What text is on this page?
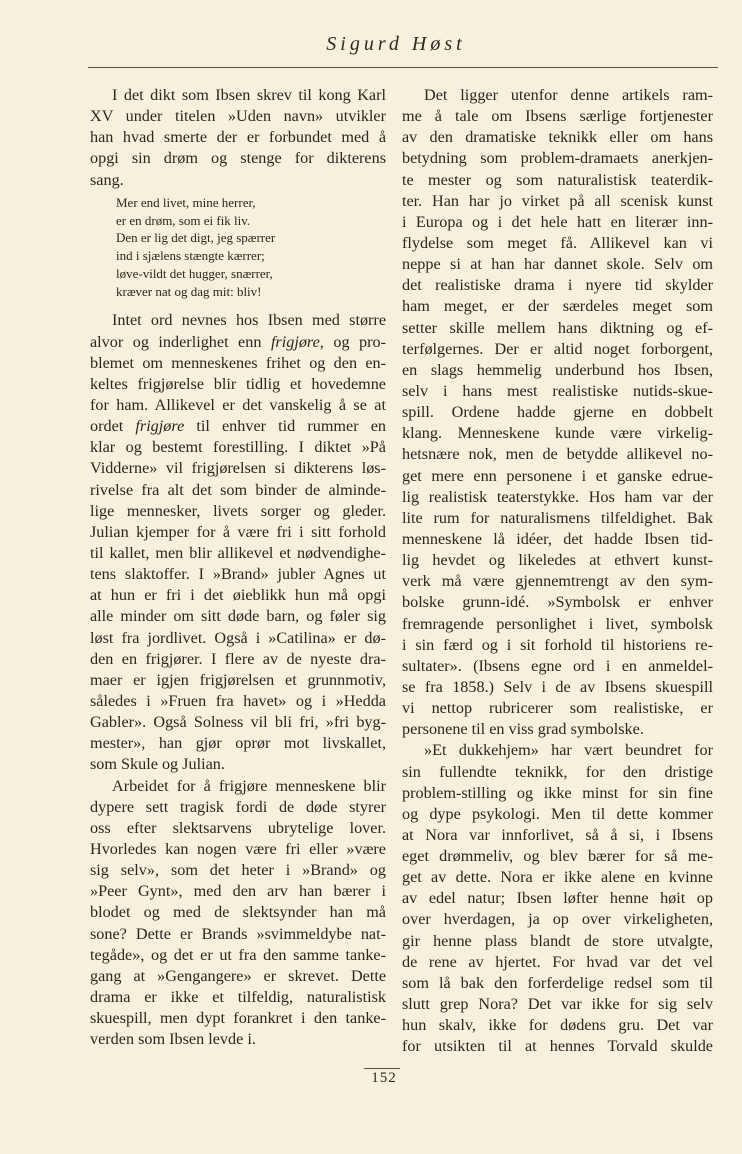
Sigurd Høst
I det dikt som Ibsen skrev til kong Karl
XV under titelen »Uden navn» utvikler
han hvad smerte der er forbundet med å
opgi sin drøm og stenge for dikterens
sang.
Mer end livet, mine herrer,
er en drøm, som ei fik liv.
Den er lig det digt, jeg spærrer
ind i sjælens stængte kærrer;
løve-vildt det hugger, snærrer,
kræver nat og dag mit: bliv!
Intet ord nevnes hos Ibsen med større
alvor og inderlighet enn frigjøre, og pro-
blemet om menneskenes frihet og den en-
keltes frigjørelse blir tidlig et hovedemne
for ham. Allikevel er det vanskelig å se at
ordet frigjøre til enhver tid rummer en
klar og bestemt forestilling. I diktet »På
Vidderne» vil frigjørelsen si dikterens løs-
rivelse fra alt det som binder de alminde-
lige mennesker, livets sorger og gleder.
Julian kjemper for å være fri i sitt forhold
til kallet, men blir allikevel et nødvendighe-
tens slaktoffer. I »Brand» jubler Agnes ut
at hun er fri i det øieblikk hun må opgi
alle minder om sitt døde barn, og føler sig
løst fra jordlivet. Også i »Catilina» er dø-
den en frigjører. I flere av de nyeste dra-
maer er igjen frigjørelsen et grunnmotiv,
således i »Fruen fra havet» og i »Hedda
Gabler». Også Solness vil bli fri, »fri byg-
mester», han gjør oprør mot livskallet,
som Skule og Julian.
Arbeidet for å frigjøre menneskene blir
dypere sett tragisk fordi de døde styrer
oss efter slektsarvens ubrytelige lover.
Hvorledes kan nogen være fri eller »være
sig selv», som det heter i »Brand» og
»Peer Gynt», med den arv han bærer i
blodet og med de slektsynder han må
sone? Dette er Brands »svimmeldybe nat-
tegåde», og det er ut fra den samme tanke-
gang at »Gengangere» er skrevet. Dette
drama er ikke et tilfeldig, naturalistisk
skuespill, men dypt forankret i den tanke-
verden som Ibsen levde i.
Det ligger utenfor denne artikels ram-
me å tale om Ibsens særlige fortjenester
av den dramatiske teknikk eller om hans
betydning som problem-dramaets anerkjen-
te mester og som naturalistisk teaterdik-
ter. Han har jo virket på all scenisk kunst
i Europa og i det hele hatt en literær inn-
flydelse som meget få. Allikevel kan vi
neppe si at han har dannet skole. Selv om
det realistiske drama i nyere tid skylder
ham meget, er der særdeles meget som
setter skille mellem hans diktning og ef-
terfølgernes. Der er altid noget forborgent,
en slags hemmelig underbund hos Ibsen,
selv i hans mest realistiske nutids-skue-
spill. Ordene hadde gjerne en dobbelt
klang. Menneskene kunde være virkelig-
hetsnære nok, men de betydde allikevel no-
get mere enn personene i et ganske edrue-
lig realistisk teaterstykke. Hos ham var der
lite rum for naturalismens tilfeldighet. Bak
menneskene lå idéer, det hadde Ibsen tid-
lig hevdet og likeledes at ethvert kunst-
verk må være gjennemtrengt av den sym-
bolske grunn-idé. »Symbolsk er enhver
fremragende personlighet i livet, symbolsk
i sin færd og i sit forhold til historiens re-
sultater». (Ibsens egne ord i en anmeldel-
se fra 1858.) Selv i de av Ibsens skuespill
vi nettop rubricerer som realistiske, er
personene til en viss grad symbolske.
»Et dukkehjem» har vært beundret for
sin fullendte teknikk, for den dristige
problem-stilling og ikke minst for sin fine
og dype psykologi. Men til dette kommer
at Nora var innforlivet, så å si, i Ibsens
eget drømmeliv, og blev bærer for så me-
get av dette. Nora er ikke alene en kvinne
av edel natur; Ibsen løfter henne høit op
over hverdagen, ja op over virkeligheten,
gir henne plass blandt de store utvalgte,
de rene av hjertet. For hvad var det vel
som lå bak den forferdelige redsel som til
slutt grep Nora? Det var ikke for sig selv
hun skalv, ikke for dødens gru. Det var
for utsikten til at hennes Torvald skulde
152
